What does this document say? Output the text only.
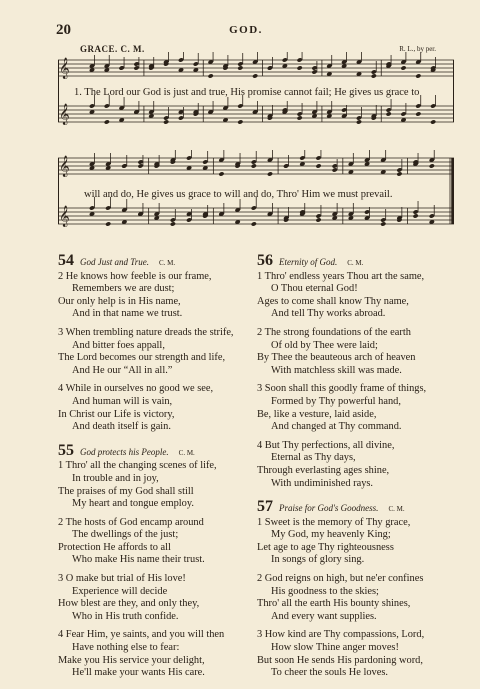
20	GOD.
GRACE. C. M.	R. L., by per.
𝄞
𝄞
1. The Lord our God is just and true, His promise cannot fail; He gives us grace to
𝄞
𝄞
will and do, He gives us grace to will and do, Thro' Him we must prevail.
54 God Just and True. C. M.
2 He knows how feeble is our frame,
Remembers we are dust;
Our only help is in His name,
And in that name we trust.
3 When trembling nature dreads the strife,
And bitter foes appall,
The Lord becomes our strength and life,
And He our “All in all.”
4 While in ourselves no good we see,
And human will is vain,
In Christ our Life is victory,
And death itself is gain.
55 God protects his People. C. M.
1 Thro' all the changing scenes of life,
In trouble and in joy,
The praises of my God shall still
My heart and tongue employ.
2 The hosts of God encamp around
The dwellings of the just;
Protection He affords to all
Who make His name their trust.
3 O make but trial of His love!
Experience will decide
How blest are they, and only they,
Who in His truth confide.
4 Fear Him, ye saints, and you will then
Have nothing else to fear:
Make you His service your delight,
He'll make your wants His care.
56 Eternity of God. C. M.
1 Thro' endless years Thou art the same,
O Thou eternal God!
Ages to come shall know Thy name,
And tell Thy works abroad.
2 The strong foundations of the earth
Of old by Thee were laid;
By Thee the beauteous arch of heaven
With matchless skill was made.
3 Soon shall this goodly frame of things,
Formed by Thy powerful hand,
Be, like a vesture, laid aside,
And changed at Thy command.
4 But Thy perfections, all divine,
Eternal as Thy days,
Through everlasting ages shine,
With undiminished rays.
57 Praise for God's Goodness. C. M.
1 Sweet is the memory of Thy grace,
My God, my heavenly King;
Let age to age Thy righteousness
In songs of glory sing.
2 God reigns on high, but ne'er confines
His goodness to the skies;
Thro' all the earth His bounty shines,
And every want supplies.
3 How kind are Thy compassions, Lord,
How slow Thine anger moves!
But soon He sends His pardoning word,
To cheer the souls He loves.
